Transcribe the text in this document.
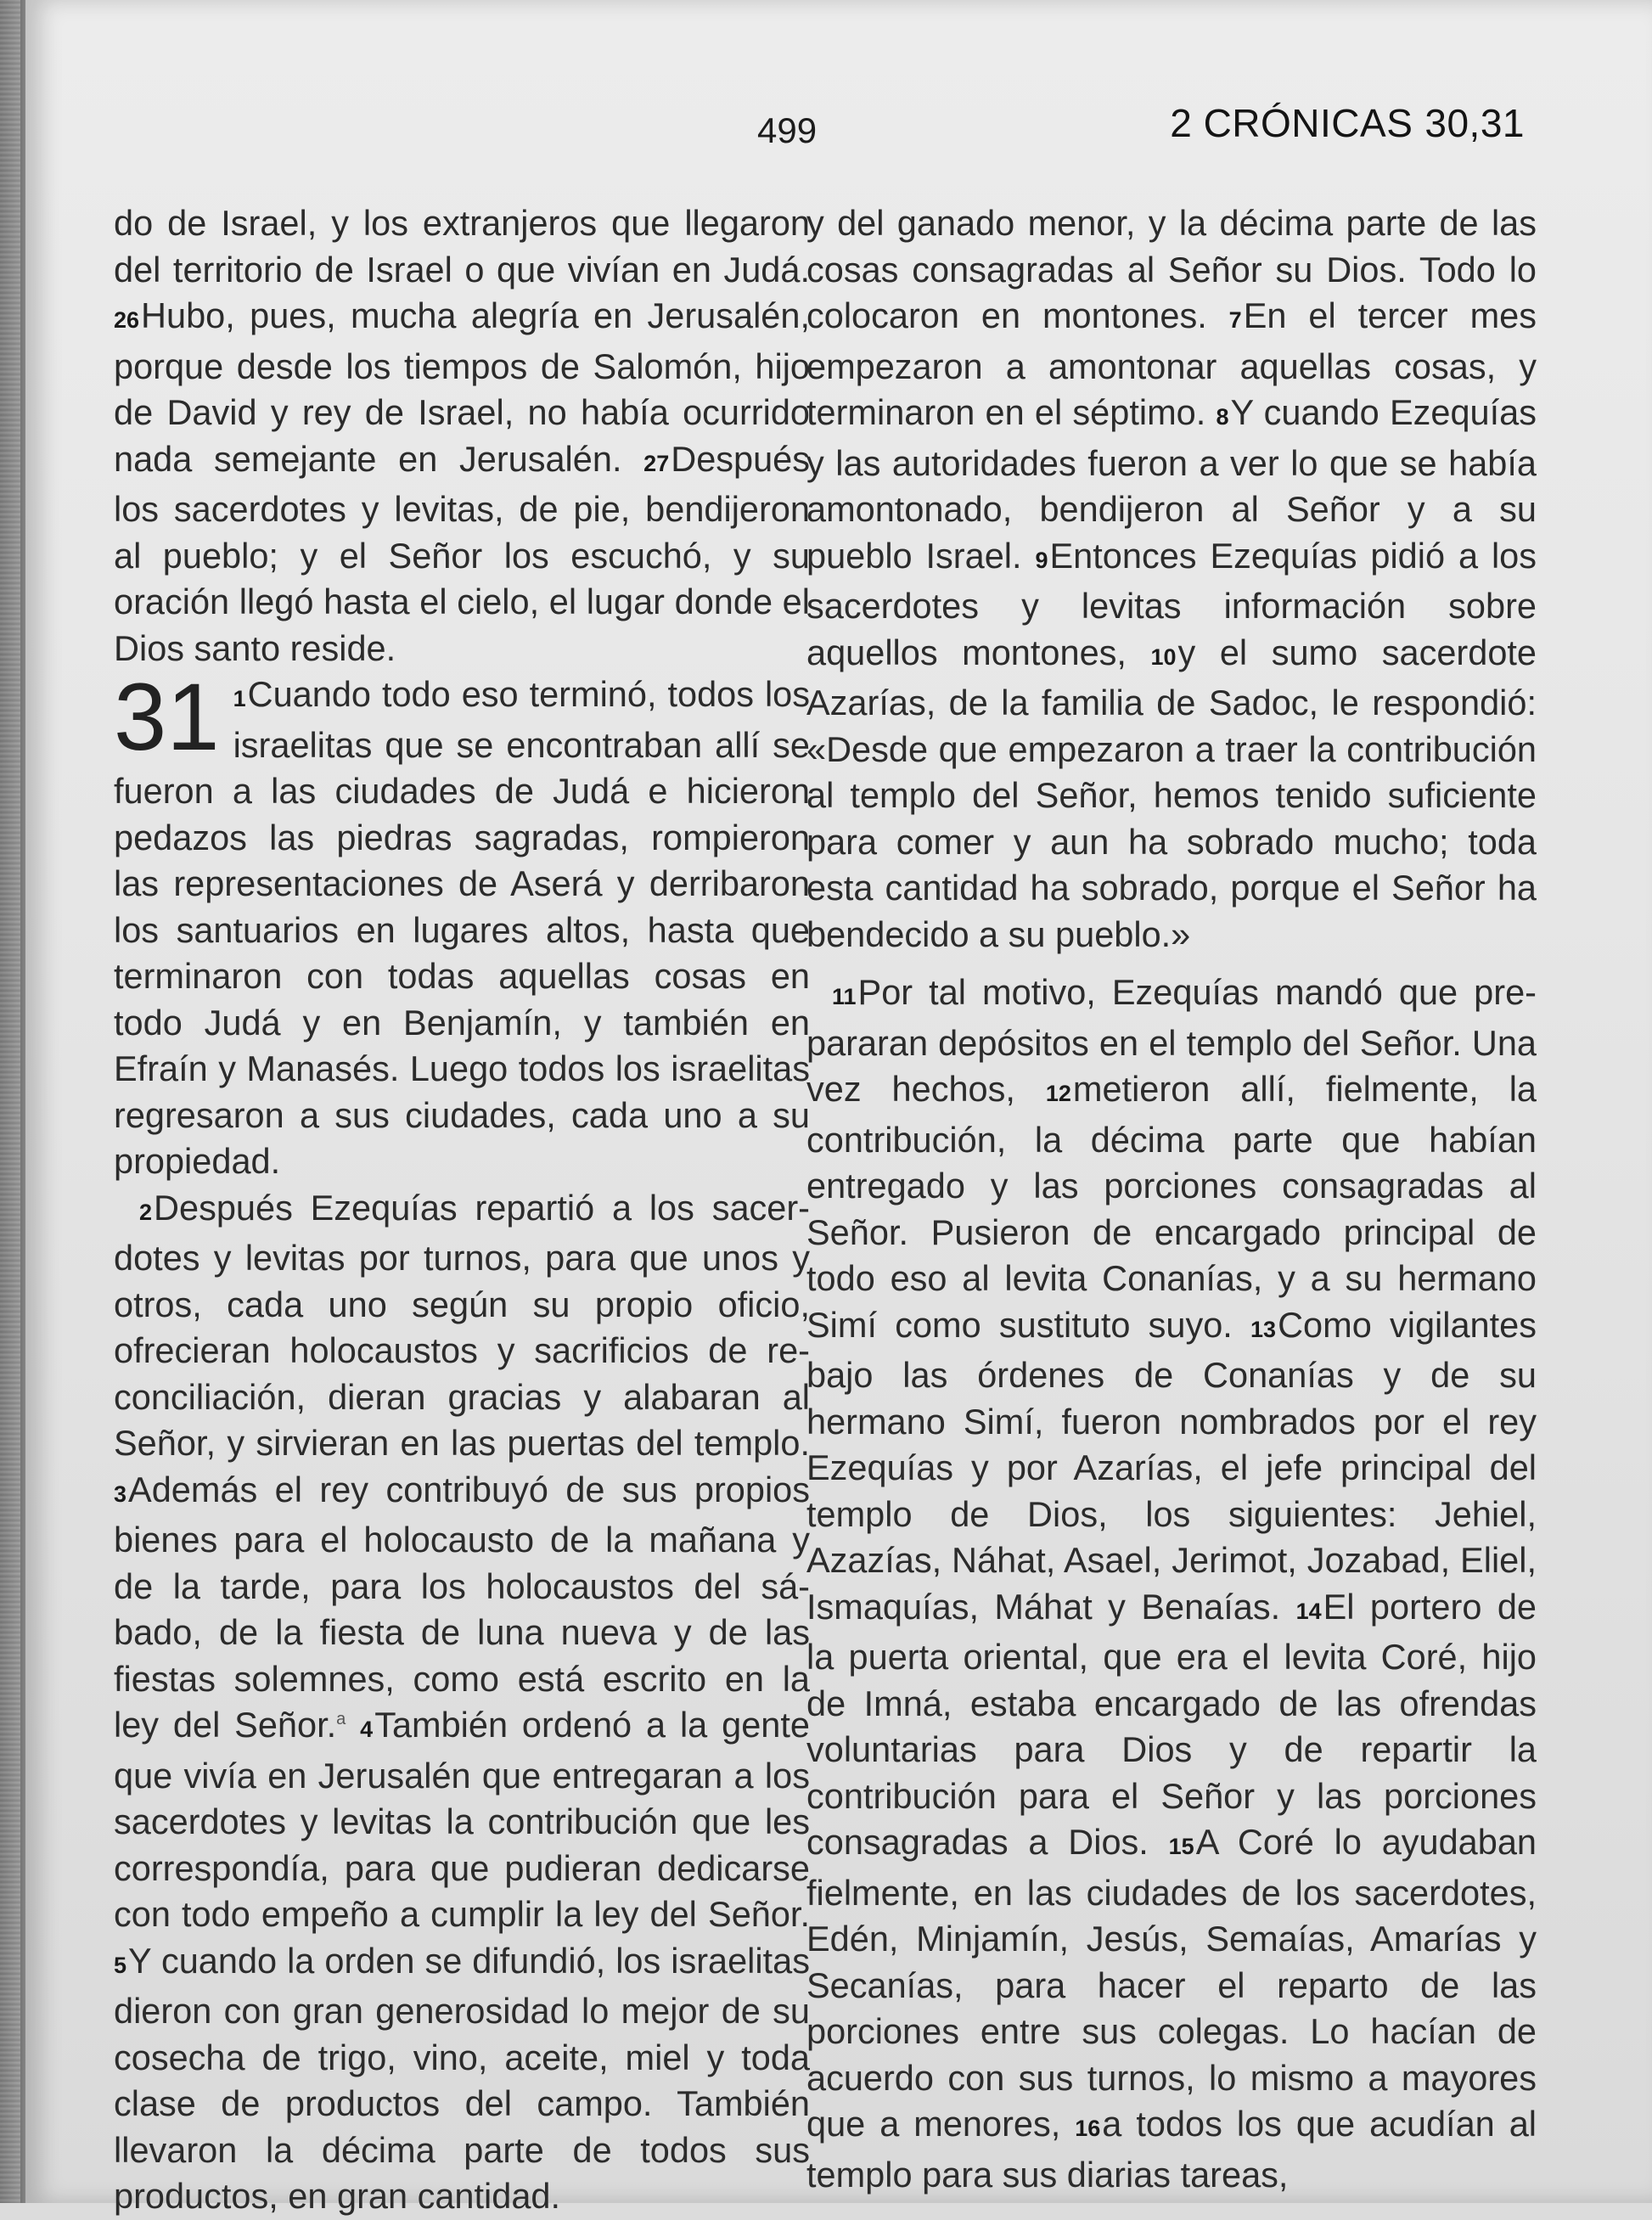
499	2 CRÓNICAS 30,31

do de Israel, y los extranjeros que llegaron del territorio de Israel o que vivían en Judá. 26Hubo, pues, mucha alegría en Jerusalén, porque desde los tiempos de Salomón, hijo de David y rey de Israel, no había ocurrido nada semejante en Jerusalén. 27Después los sacerdotes y levitas, de pie, bendijeron al pueblo; y el Señor los escuchó, y su oración llegó hasta el cielo, el lugar donde el Dios santo reside.

31 1Cuando todo eso terminó, todos los israelitas que se encontraban allí se fueron a las ciudades de Judá e hicieron pedazos las piedras sagradas, rompieron las representaciones de Aserá y derribaron los santuarios en lugares altos, hasta que terminaron con todas aquellas cosas en todo Judá y en Benjamín, y también en Efraín y Manasés. Luego todos los israelitas regresaron a sus ciudades, cada uno a su propiedad.

2Después Ezequías repartió a los sacerdotes y levitas por turnos, para que unos y otros, cada uno según su propio oficio, ofrecieran holocaustos y sacrificios de reconciliación, dieran gracias y alabaran al Señor, y sirvieran en las puertas del templo. 3Además el rey contribuyó de sus propios bienes para el holocausto de la mañana y de la tarde, para los holocaustos del sábado, de la fiesta de luna nueva y de las fiestas solemnes, como está escrito en la ley del Señor.$^a$ 4También ordenó a la gente que vivía en Jerusalén que entregaran a los sacerdotes y levitas la contribución que les correspondía, para que pudieran dedicarse con todo empeño a cumplir la ley del Señor. 5Y cuando la orden se difundió, los israelitas dieron con gran generosidad lo mejor de su cosecha de trigo, vino, aceite, miel y toda clase de productos del campo. También llevaron la décima parte de todos sus productos, en gran cantidad.

y del ganado menor, y la décima parte de las cosas consagradas al Señor su Dios. Todo lo colocaron en montones. 7En el tercer mes empezaron a amontonar aquellas cosas, y terminaron en el séptimo. 8Y cuando Ezequías y las autoridades fueron a ver lo que se había amontonado, bendijeron al Señor y a su pueblo Israel. 9Entonces Ezequías pidió a los sacerdotes y levitas información sobre aquellos montones, 10y el sumo sacerdote Azarías, de la familia de Sadoc, le respondió: «Desde que empezaron a traer la contribución al templo del Señor, hemos tenido suficiente para comer y aun ha sobrado mucho; toda esta cantidad ha sobrado, porque el Señor ha bendecido a su pueblo.»

11Por tal motivo, Ezequías mandó que prepararan depósitos en el templo del Señor. Una vez hechos, 12metieron allí, fielmente, la contribución, la décima parte que habían entregado y las porciones consagradas al Señor. Pusieron de encargado principal de todo eso al levita Conanías, y a su hermano Simí como sustituto suyo. 13Como vigilantes bajo las órdenes de Conanías y de su hermano Simí, fueron nombrados por el rey Ezequías y por Azarías, el jefe principal del templo de Dios, los siguientes: Jehiel, Azazías, Náhat, Asael, Jerimot, Jozabad, Eliel, Ismaquías, Máhat y Benaías. 14El portero de la puerta oriental, que era el levita Coré, hijo de Imná, estaba encargado de las ofrendas voluntarias para Dios y de repartir la contribución para el Señor y las porciones consagradas a Dios. 15A Coré lo ayudaban fielmente, en las ciudades de los sacerdotes, Edén, Minjamín, Jesús, Semaías, Amarías y Secanías, para hacer el reparto de las porciones entre sus colegas. Lo hacían de acuerdo con sus turnos, lo mismo a mayores que a menores, 16a todos los que acudían al templo para sus diarias tareas,
